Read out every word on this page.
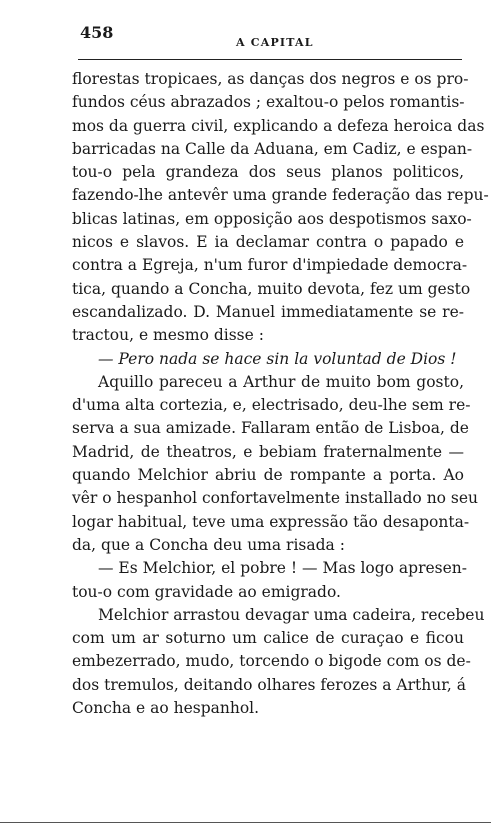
458
A CAPITAL
florestas tropicaes, as danças dos negros e os pro-
fundos céus abrazados ; exaltou-o pelos romantis-
mos da guerra civil, explicando a defeza heroica das
barricadas na Calle da Aduana, em Cadiz, e espan-
tou-o pela grandeza dos seus planos politicos,
fazendo-lhe antevêr uma grande federação das repu-
blicas latinas, em opposição aos despotismos saxo-
nicos e slavos. E ia declamar contra o papado e
contra a Egreja, n'um furor d'impiedade democra-
tica, quando a Concha, muito devota, fez um gesto
escandalizado. D. Manuel immediatamente se re-
tractou, e mesmo disse :
— Pero nada se hace sin la voluntad de Dios !
Aquillo pareceu a Arthur de muito bom gosto,
d'uma alta cortezia, e, electrisado, deu-lhe sem re-
serva a sua amizade. Fallaram então de Lisboa, de
Madrid, de theatros, e bebiam fraternalmente —
quando Melchior abriu de rompante a porta. Ao
vêr o hespanhol confortavelmente installado no seu
logar habitual, teve uma expressão tão desapontа-
da, que a Concha deu uma risada :
— Es Melchior, el pobre ! — Mas logo apresen-
tou-o com gravidade ao emigrado.
Melchior arrastou devagar uma cadeira, recebeu
com um ar soturno um calice de curaçao e ficou
embezerrado, mudo, torcendo o bigode com os de-
dos tremulos, deitando olhares ferozes a Arthur, á
Concha e ao hespanhol.
